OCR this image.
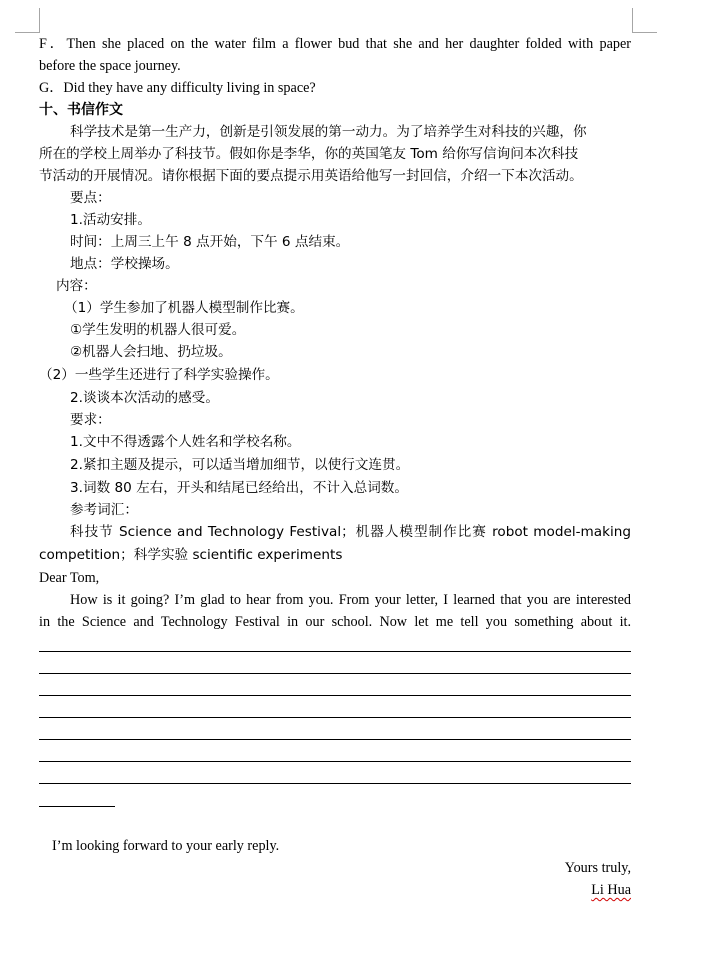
F．Then she placed on the water film a flower bud that she and her daughter folded with paper
before the space journey.
G．Did they have any difficulty living in space?
十、书信作文
科学技术是第一生产力，创新是引领发展的第一动力。为了培养学生对科技的兴趣，你
所在的学校上周举办了科技节。假如你是李华，你的英国笔友 Tom 给你写信询问本次科技
节活动的开展情况。请你根据下面的要点提示用英语给他写一封回信，介绍一下本次活动。
要点：
1.活动安排。
时间：上周三上午 8 点开始，下午 6 点结束。
地点：学校操场。
内容：
（1）学生参加了机器人模型制作比赛。
①学生发明的机器人很可爱。
②机器人会扫地、扔垃圾。
（2）一些学生还进行了科学实验操作。
2.谈谈本次活动的感受。
要求：
1.文中不得透露个人姓名和学校名称。
2.紧扣主题及提示，可以适当增加细节，以使行文连贯。
3.词数 80 左右，开头和结尾已经给出，不计入总词数。
参考词汇：
科技节 Science and Technology Festival；机器人模型制作比赛 robot model-making
competition；科学实验 scientific experiments
Dear Tom,
How is it going? I’m glad to hear from you. From your letter, I learned that you are interested
in the Science and Technology Festival in our school. Now let me tell you something about it.
I’m looking forward to your early reply.
Yours truly,
Li Hua
